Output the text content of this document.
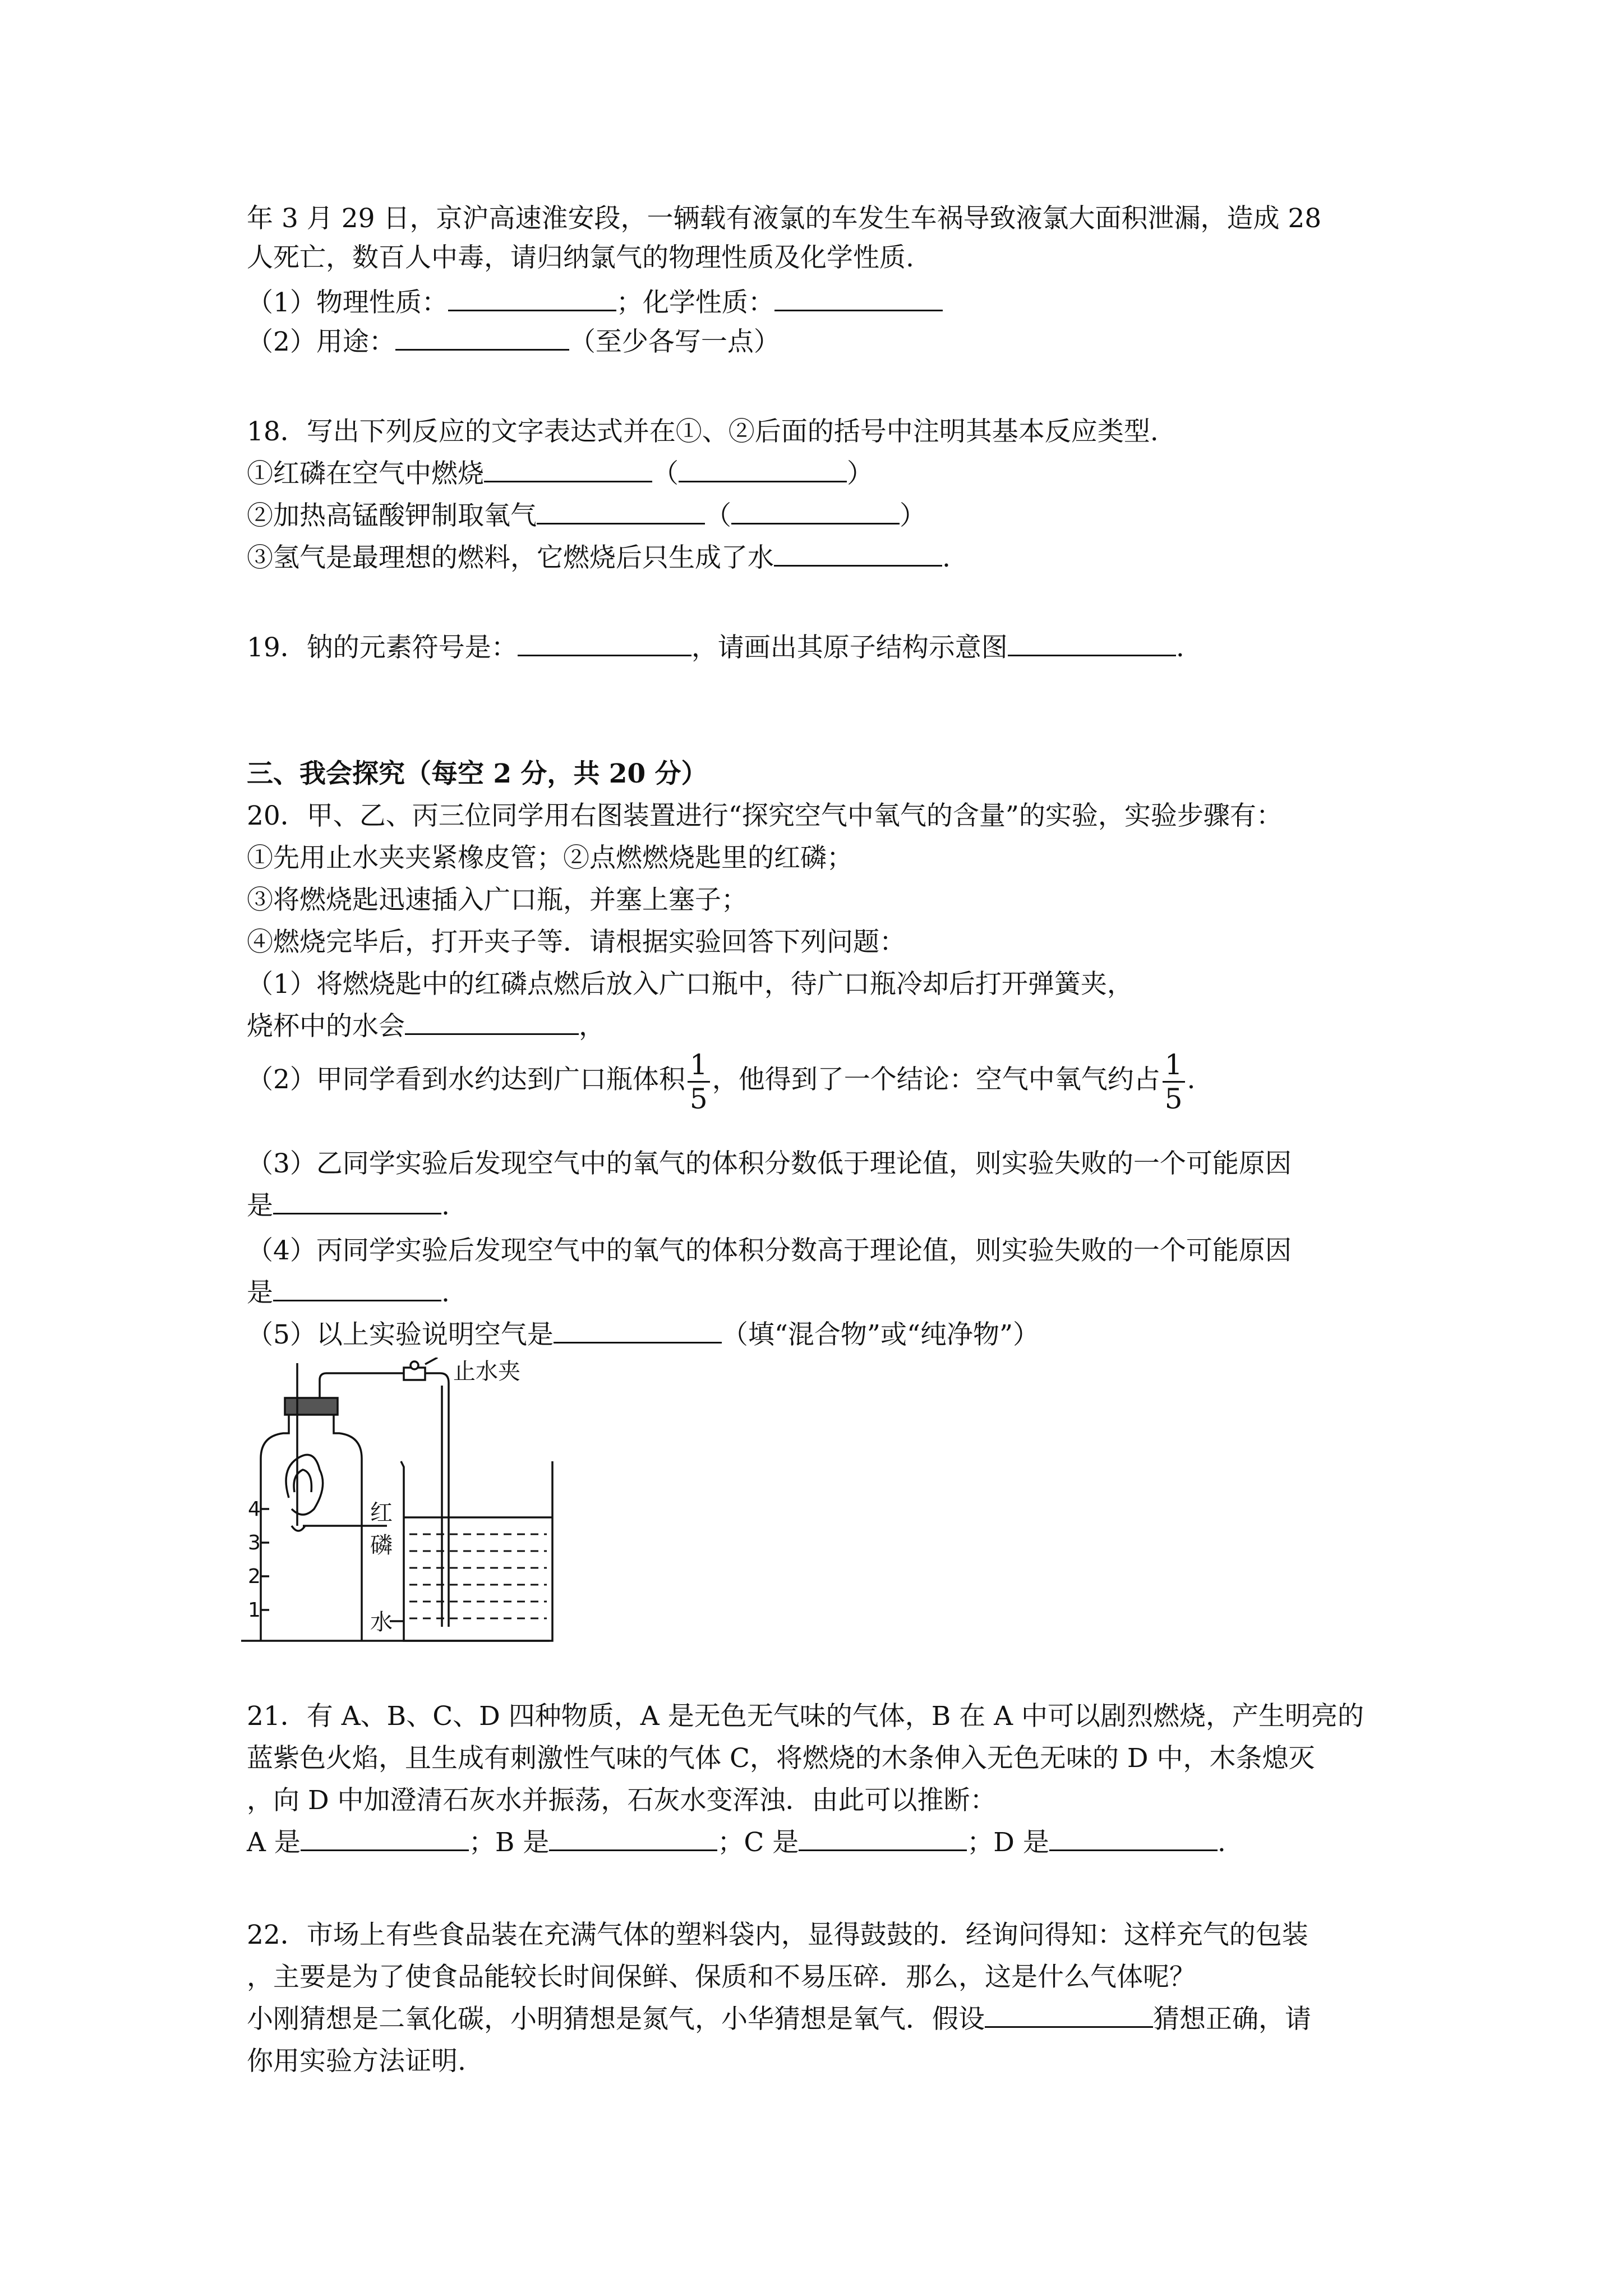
年 3 月 29 日，京沪高速淮安段，一辆载有液氯的车发生车祸导致液氯大面积泄漏，造成 28
人死亡，数百人中毒，请归纳氯气的物理性质及化学性质.
（1）物理性质：	；化学性质：
（2）用途：	（至少各写一点）
18．写出下列反应的文字表达式并在①、②后面的括号中注明其基本反应类型.
①红磷在空气中燃烧	（	）
②加热高锰酸钾制取氧气	（	）
③氢气是最理想的燃料，它燃烧后只生成了水	.
19．钠的元素符号是：	，请画出其原子结构示意图	.
三、我会探究（每空 2 分，共 20 分）
20．甲、乙、丙三位同学用右图装置进行“探究空气中氧气的含量”的实验，实验步骤有：
①先用止水夹夹紧橡皮管；②点燃燃烧匙里的红磷；
③将燃烧匙迅速插入广口瓶，并塞上塞子；
④燃烧完毕后，打开夹子等．请根据实验回答下列问题：
（1）将燃烧匙中的红磷点燃后放入广口瓶中，待广口瓶冷却后打开弹簧夹，
烧杯中的水会	，
（2）甲同学看到水约达到广口瓶体积 $\frac{1}{5}$ ，他得到了一个结论：空气中氧气约占 $\frac{1}{5}$ .
（3）乙同学实验后发现空气中的氧气的体积分数低于理论值，则实验失败的一个可能原因
是	.
（4）丙同学实验后发现空气中的氧气的体积分数高于理论值，则实验失败的一个可能原因
是	.
（5）以上实验说明空气是	（填“混合物”或“纯净物”）
止水夹
红
磷
水
4
3
2
1
21．有 A、B、C、D 四种物质，A 是无色无气味的气体，B 在 A 中可以剧烈燃烧，产生明亮的
蓝紫色火焰，且生成有刺激性气味的气体 C，将燃烧的木条伸入无色无味的 D 中，木条熄灭
，向 D 中加澄清石灰水并振荡，石灰水变浑浊．由此可以推断：
A 是	；B 是	；C 是	；D 是	.
22．市场上有些食品装在充满气体的塑料袋内，显得鼓鼓的．经询问得知：这样充气的包装
，主要是为了使食品能较长时间保鲜、保质和不易压碎．那么，这是什么气体呢？
小刚猜想是二氧化碳，小明猜想是氮气，小华猜想是氧气．假设	猜想正确，请
你用实验方法证明.
